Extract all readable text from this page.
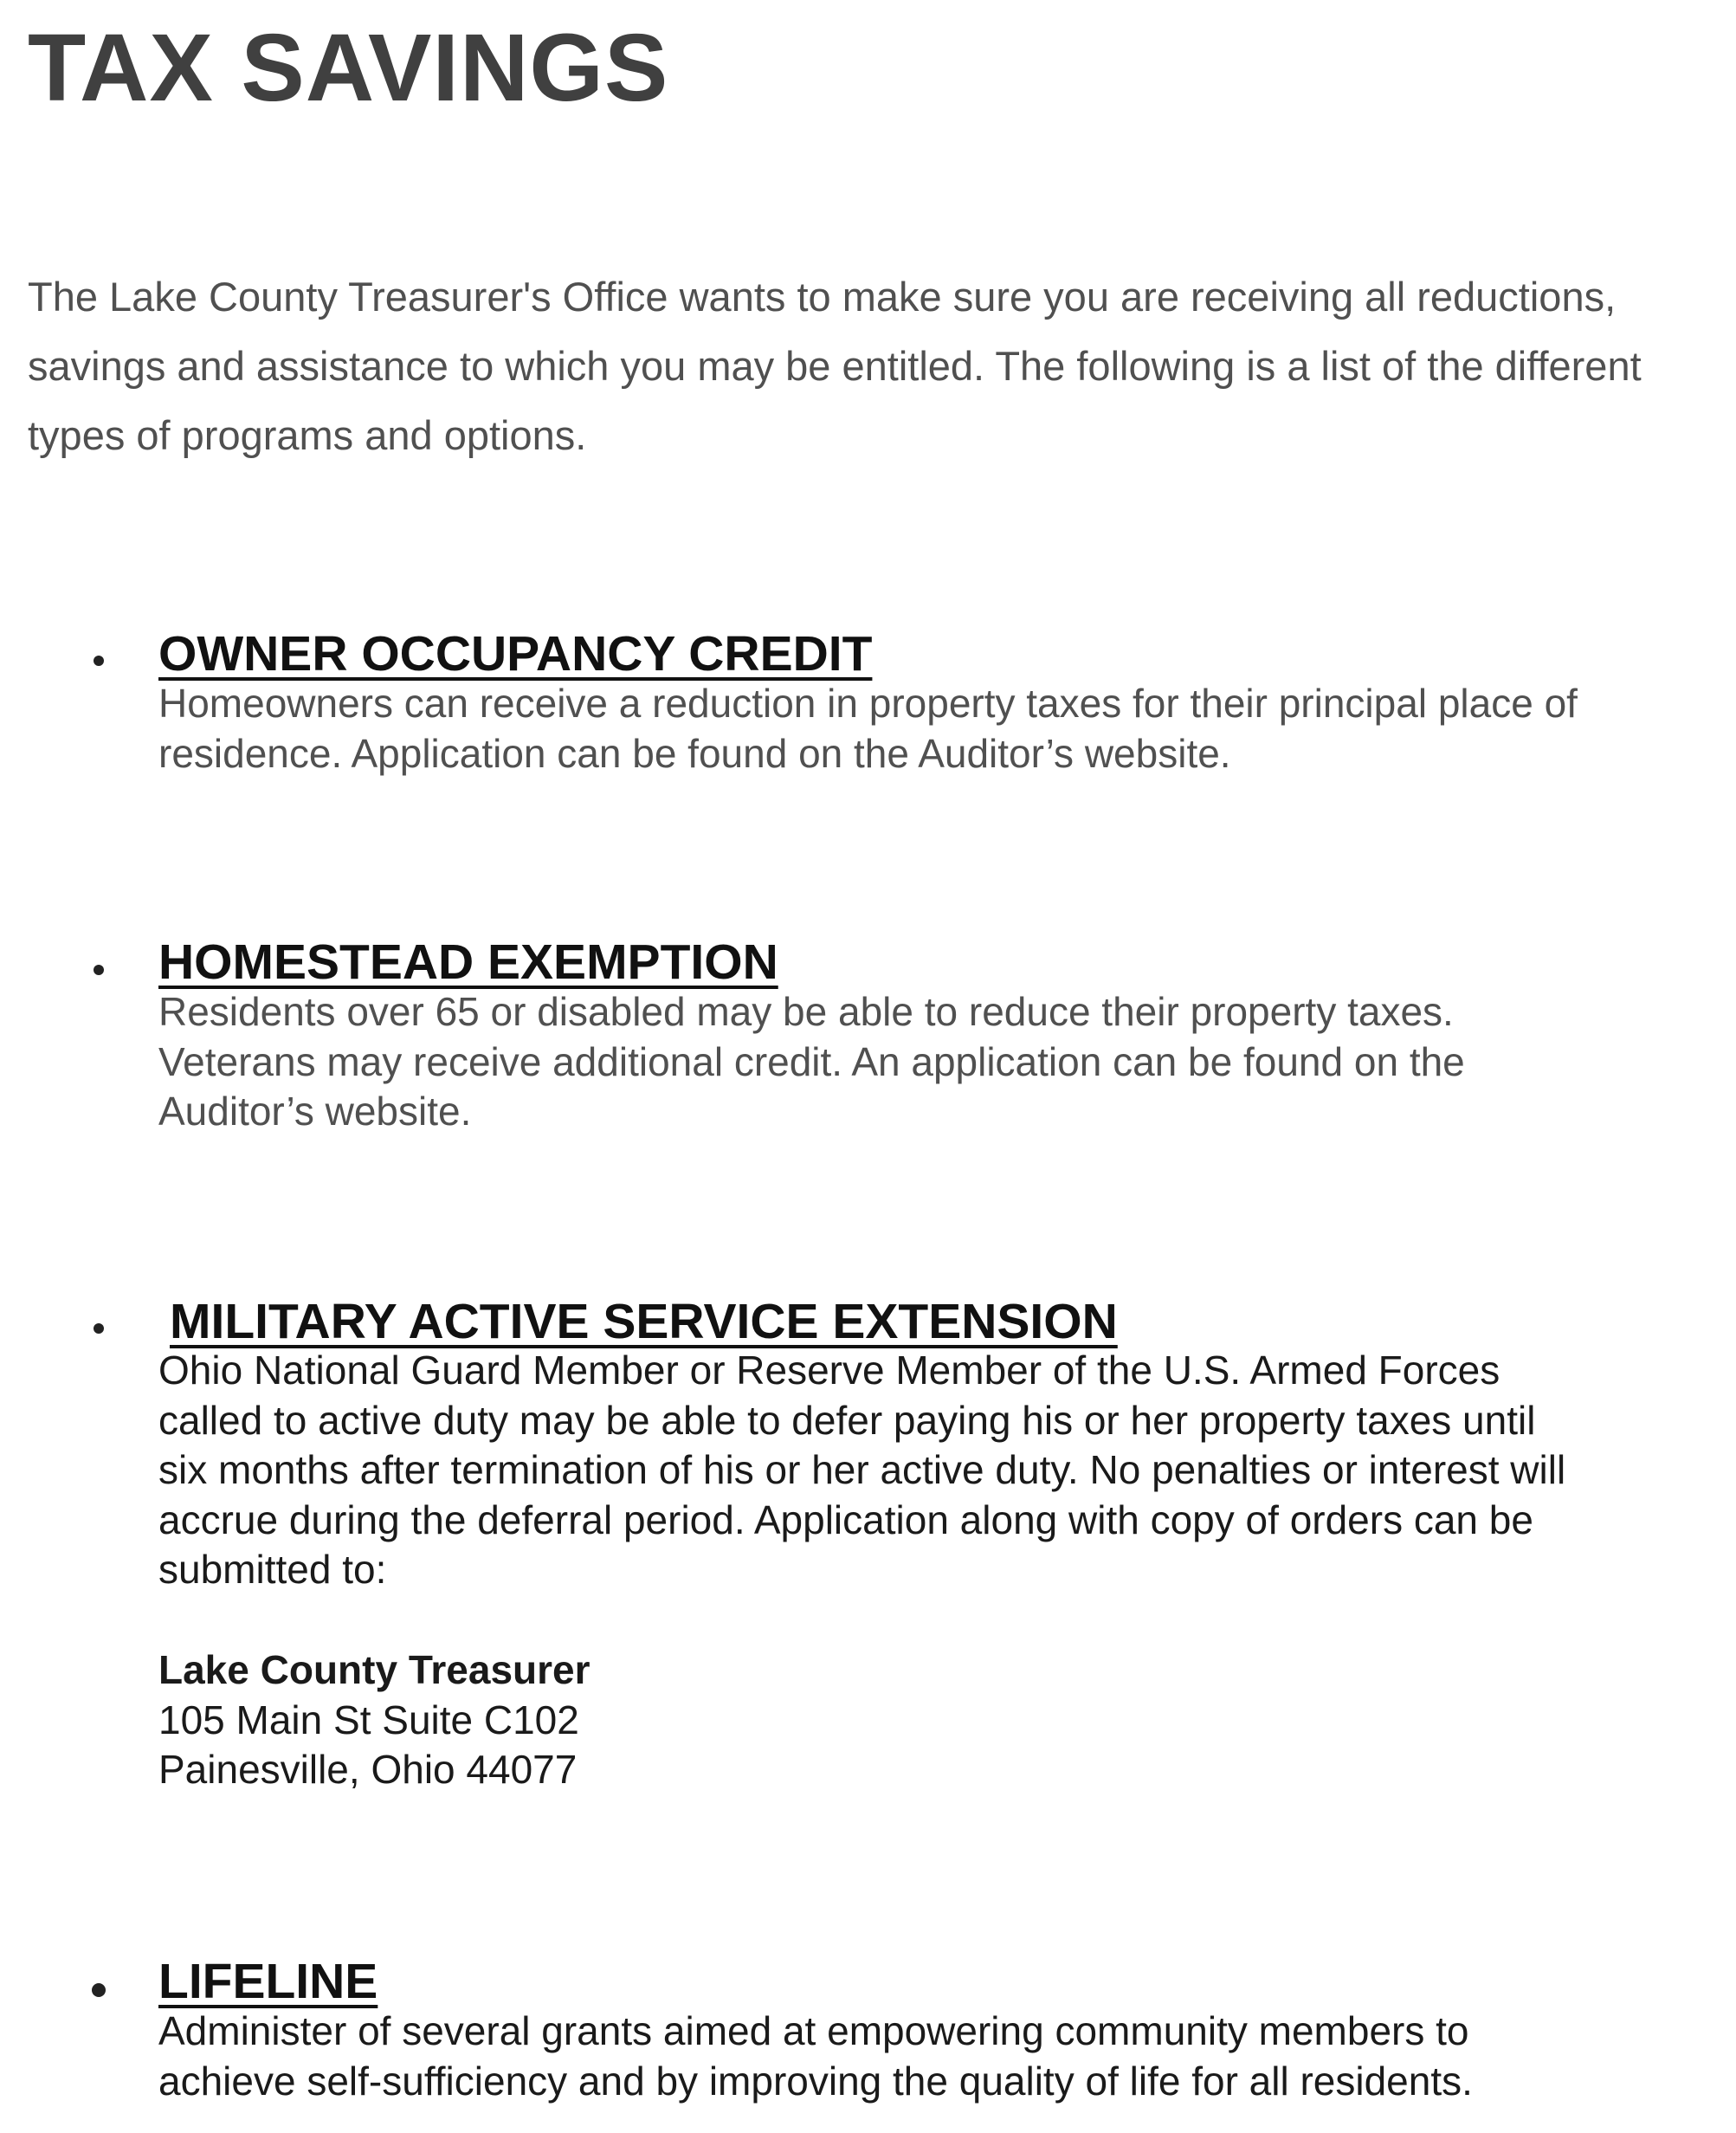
TAX SAVINGS

The Lake County Treasurer's Office wants to make sure you are receiving all reductions, savings and assistance to which you may be entitled. The following is a list of the different types of programs and options.

OWNER OCCUPANCY CREDIT

Homeowners can receive a reduction in property taxes for their principal place of
residence. Application can be found on the Auditor’s website.

HOMESTEAD EXEMPTION

Residents over 65 or disabled may be able to reduce their property taxes.
Veterans may receive additional credit. An application can be found on the
Auditor’s website.

MILITARY ACTIVE SERVICE EXTENSION

Ohio National Guard Member or Reserve Member of the U.S. Armed Forces
called to active duty may be able to defer paying his or her property taxes until
six months after termination of his or her active duty. No penalties or interest will
accrue during the deferral period. Application along with copy of orders can be
submitted to:

Lake County Treasurer
105 Main St Suite C102
Painesville, Ohio 44077
LIFELINE

Administer of several grants aimed at empowering community members to
achieve self-sufficiency and by improving the quality of life for all residents.
